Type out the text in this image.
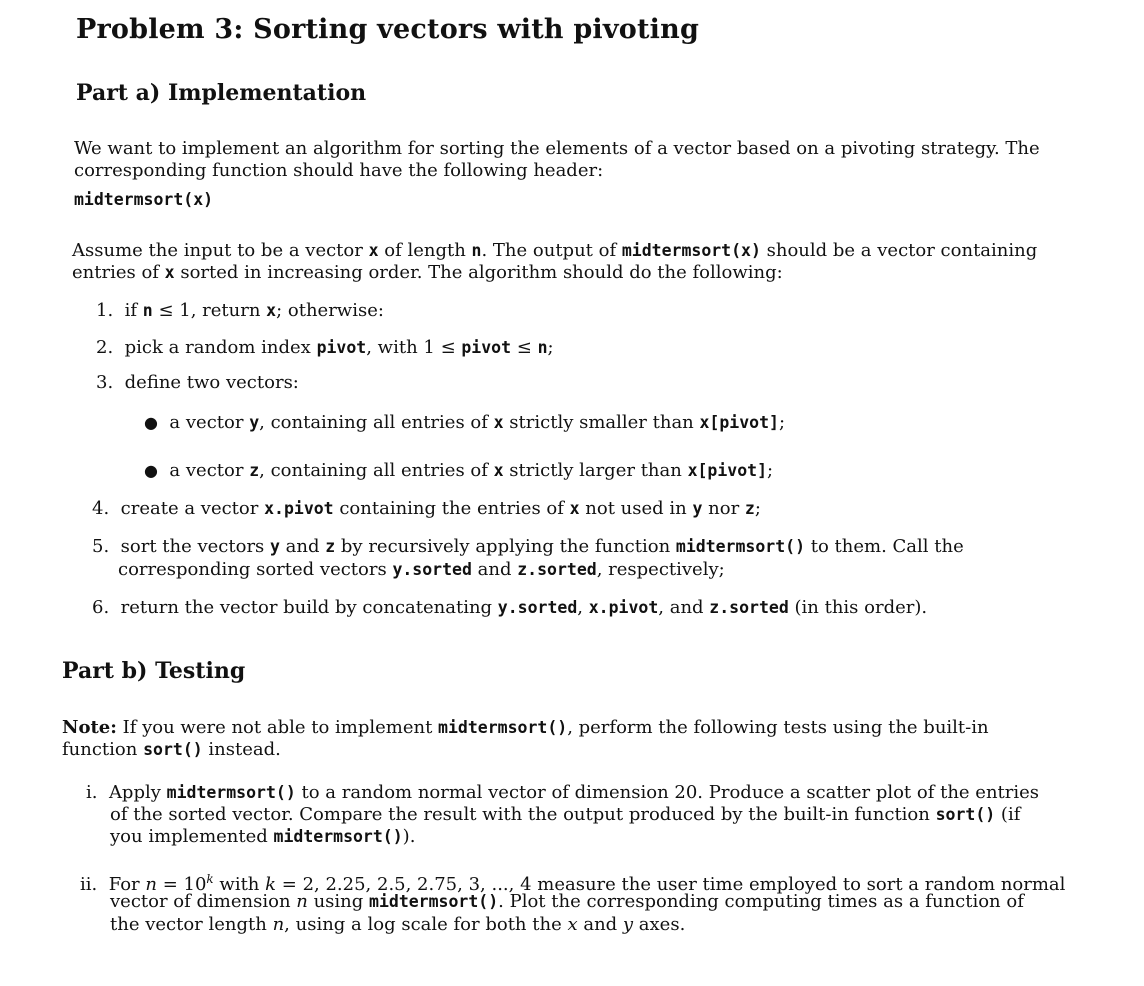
Problem 3: Sorting vectors with pivoting
Part a) Implementation
We want to implement an algorithm for sorting the elements of a vector based on a pivoting strategy. The
corresponding function should have the following header:
midtermsort(x)
Assume the input to be a vector x of length n. The output of midtermsort(x) should be a vector containing
entries of x sorted in increasing order. The algorithm should do the following:
1. if n ≤ 1, return x; otherwise:
2. pick a random index pivot, with 1 ≤ pivot ≤ n;
3. define two vectors:
● a vector y, containing all entries of x strictly smaller than x[pivot];
● a vector z, containing all entries of x strictly larger than x[pivot];
4. create a vector x.pivot containing the entries of x not used in y nor z;
5. sort the vectors y and z by recursively applying the function midtermsort() to them. Call the
corresponding sorted vectors y.sorted and z.sorted, respectively;
6. return the vector build by concatenating y.sorted, x.pivot, and z.sorted (in this order).
Part b) Testing
Note: If you were not able to implement midtermsort(), perform the following tests using the built-in
function sort() instead.
i. Apply midtermsort() to a random normal vector of dimension 20. Produce a scatter plot of the entries
of the sorted vector. Compare the result with the output produced by the built-in function sort() (if
you implemented midtermsort()).
ii. For $n = 10^k$ with k = 2, 2.25, 2.5, 2.75, 3, ..., 4 measure the user time employed to sort a random normal
vector of dimension n using midtermsort(). Plot the corresponding computing times as a function of
the vector length n, using a log scale for both the x and y axes.
